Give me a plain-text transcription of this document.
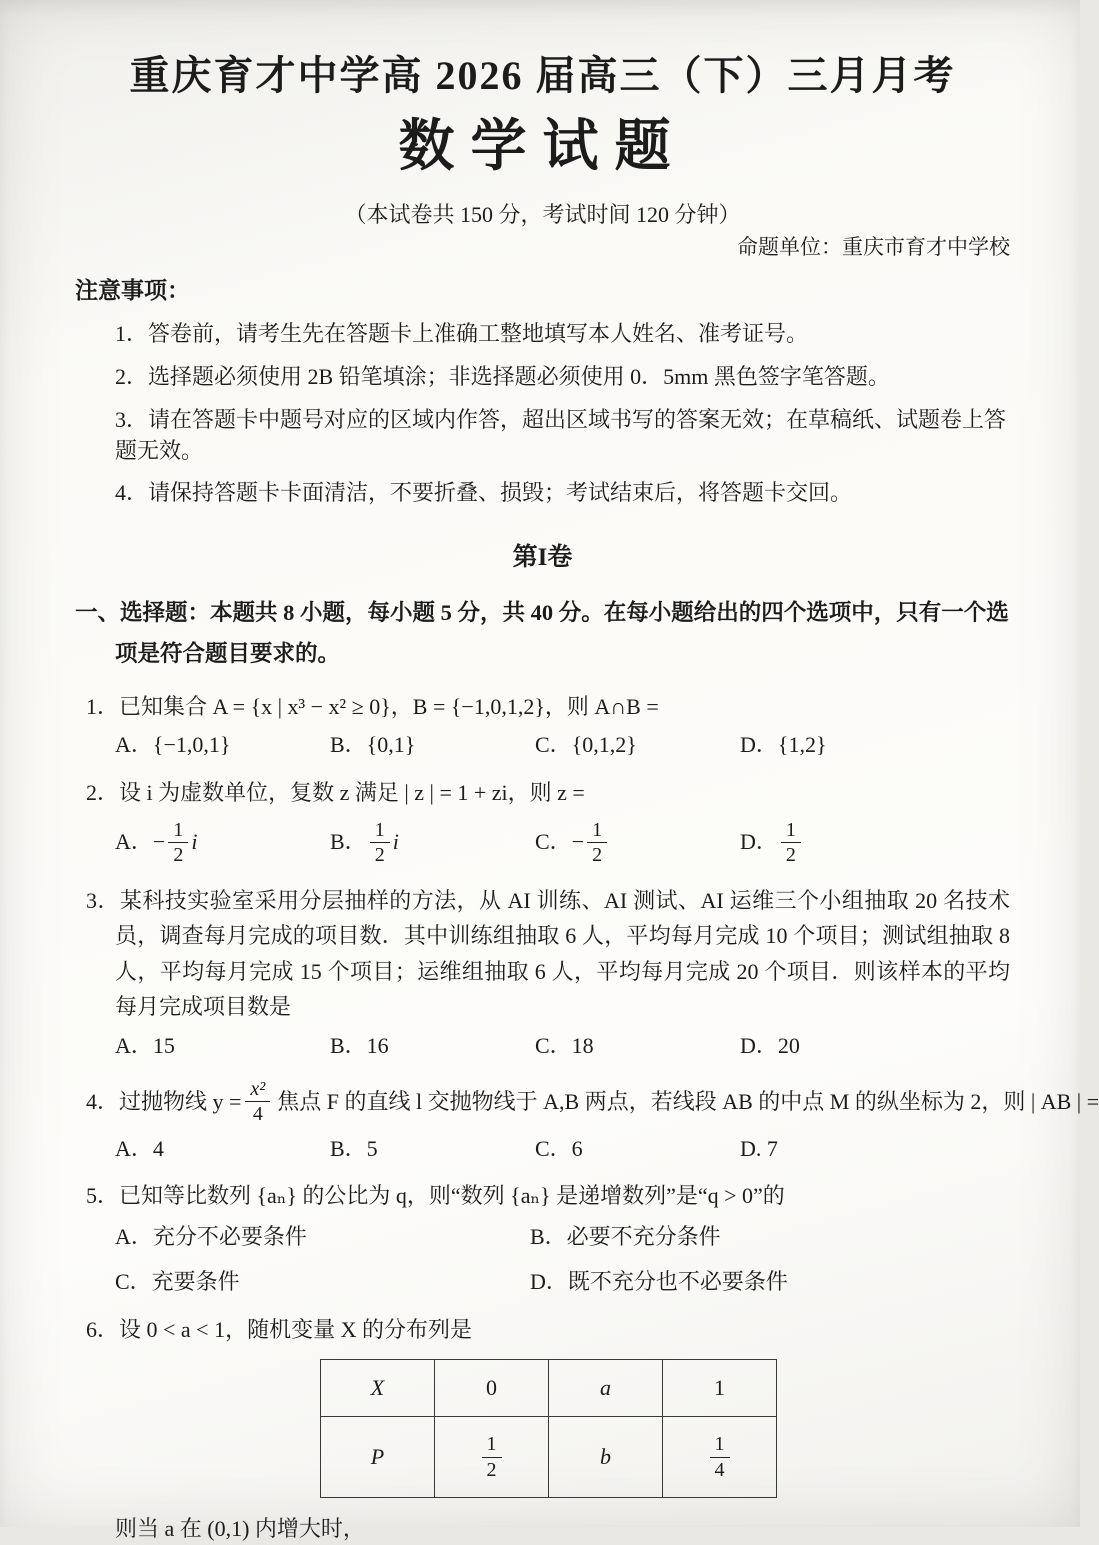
重庆育才中学高 2026 届高三（下）三月月考
数学试题
（本试卷共 150 分，考试时间 120 分钟）
命题单位：重庆市育才中学校
注意事项：
1．答卷前，请考生先在答题卡上准确工整地填写本人姓名、准考证号。
2．选择题必须使用 2B 铅笔填涂；非选择题必须使用 0．5mm 黑色签字笔答题。
3．请在答题卡中题号对应的区域内作答，超出区域书写的答案无效；在草稿纸、试题卷上答题无效。
4．请保持答题卡卡面清洁，不要折叠、损毁；考试结束后，将答题卡交回。
第I卷
一、选择题：本题共 8 小题，每小题 5 分，共 40 分。在每小题给出的四个选项中，只有一个选项是符合题目要求的。
1．已知集合 A = {x | x³ − x² ≥ 0}，B = {−1,0,1,2}，则 A∩B =
A．{−1,0,1}	B．{0,1}	C．{0,1,2}	D．{1,2}
2．设 i 为虚数单位，复数 z 满足 | z | = 1 + zi，则 z =
A． − $\frac{1}{2}$ i	B． $\frac{1}{2}$ i	C． − $\frac{1}{2}$	D． $\frac{1}{2}$
3．某科技实验室采用分层抽样的方法，从 AI 训练、AI 测试、AI 运维三个小组抽取 20 名技术员，调查每月完成的项目数．其中训练组抽取 6 人，平均每月完成 10 个项目；测试组抽取 8 人，平均每月完成 15 个项目；运维组抽取 6 人，平均每月完成 20 个项目．则该样本的平均每月完成项目数是
A．15	B．16	C．18	D．20
4．过抛物线 $y = \frac{\text{x²}}{4}$ 焦点 F 的直线 l 交抛物线于 A,B 两点，若线段 AB 的中点 M 的纵坐标为 2，则 | AB | =
A．4	B．5	C．6	D. 7
5．已知等比数列 {aₙ} 的公比为 q，则“数列 {aₙ} 是递增数列”是“q > 0”的
A．充分不必要条件	B．必要不充分条件
C．充要条件	D．既不充分也不必要条件
6．设 0 < a < 1，随机变量 X 的分布列是
X	0	a	1
P	$\frac{1}{2}$	b	$\frac{1}{4}$
则当 a 在 (0,1) 内增大时，
